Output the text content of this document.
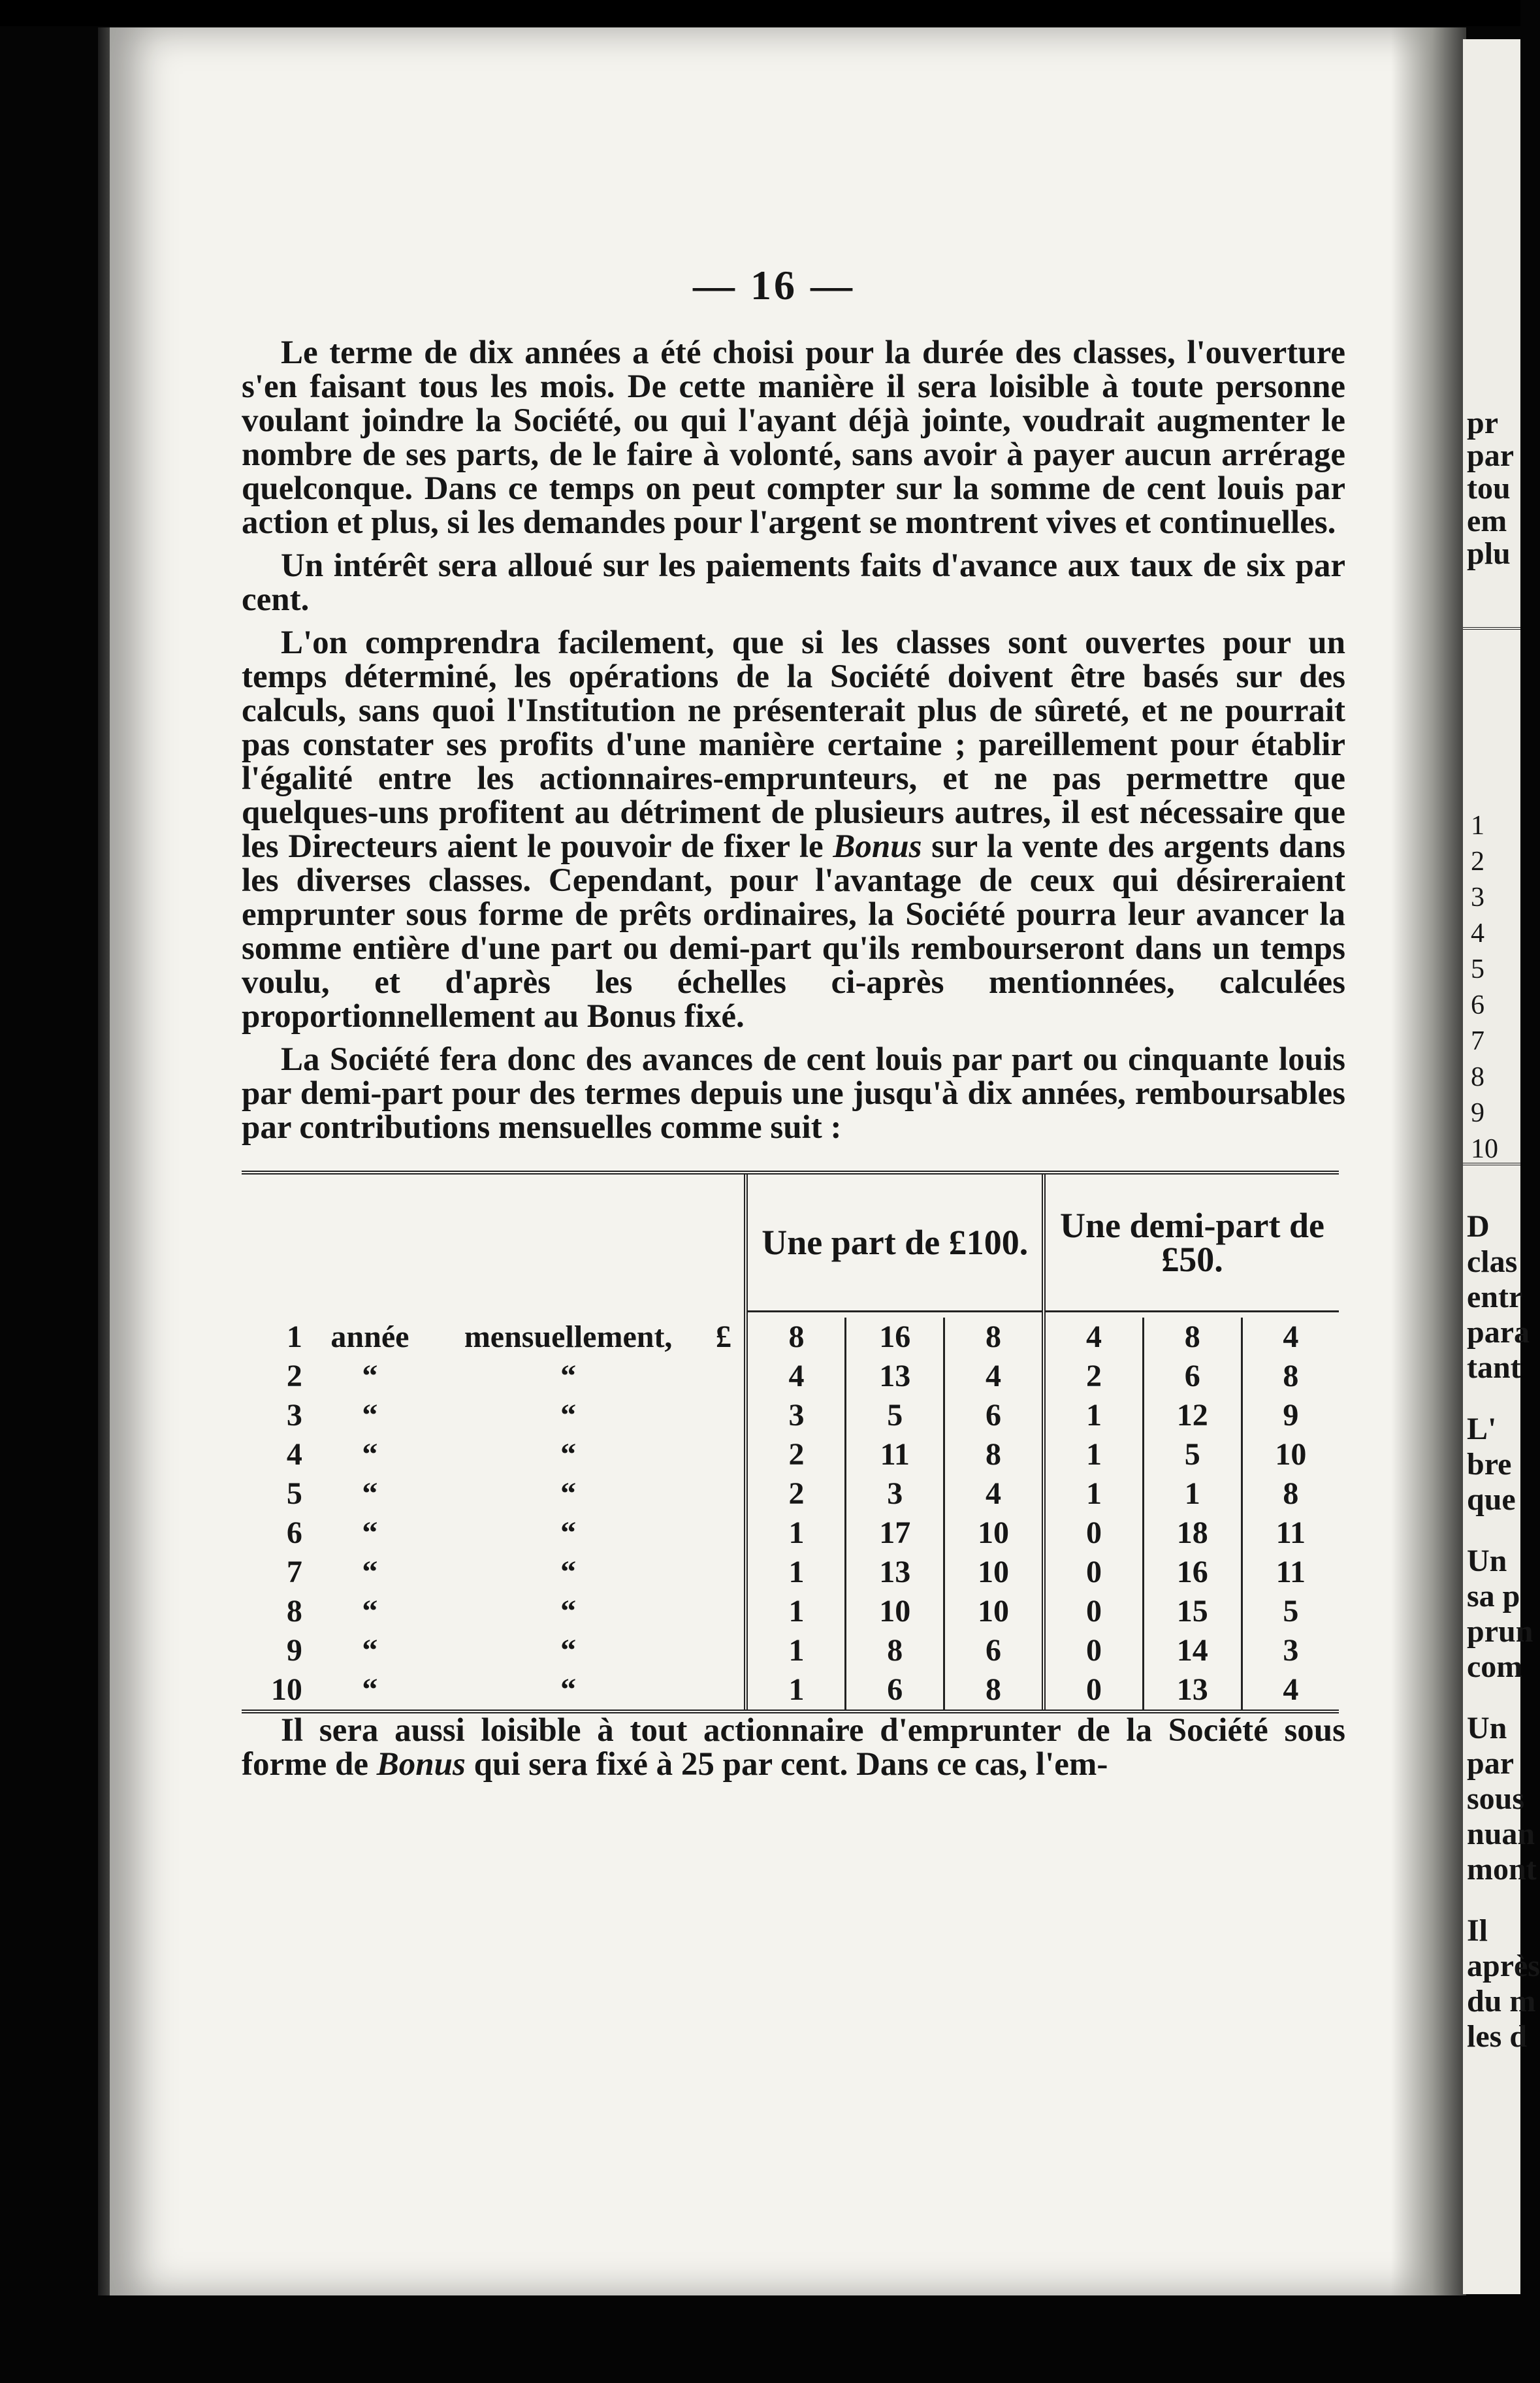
pr
par
tou
em
plu
1
2
3
4
5
6
7
8
9
10
D
clas
entr
para
tant
L'
bre
que
Un
sa p
prun
com
Un
par
sous
nuan
mont
Il
après
du m
les d
— 16 —

Le terme de dix années a été choisi pour la durée des classes, l'ouverture s'en faisant tous les mois. De cette manière il sera loisible à toute personne voulant joindre la Société, ou qui l'ayant déjà jointe, voudrait augmenter le nombre de ses parts, de le faire à volonté, sans avoir à payer aucun arrérage quelconque. Dans ce temps on peut compter sur la somme de cent louis par action et plus, si les demandes pour l'argent se montrent vives et continuelles.

Un intérêt sera alloué sur les paiements faits d'avance aux taux de six par cent.

L'on comprendra facilement, que si les classes sont ouvertes pour un temps déterminé, les opérations de la Société doivent être basés sur des calculs, sans quoi l'Institution ne présenterait plus de sûreté, et ne pourrait pas constater ses profits d'une manière certaine ; pareillement pour établir l'égalité entre les actionnaires-emprunteurs, et ne pas permettre que quelques-uns profitent au détriment de plusieurs autres, il est nécessaire que les Directeurs aient le pouvoir de fixer le Bonus sur la vente des argents dans les diverses classes. Cependant, pour l'avantage de ceux qui désireraient emprunter sous forme de prêts ordinaires, la Société pourra leur avancer la somme entière d'une part ou demi-part qu'ils rembourseront dans un temps voulu, et d'après les échelles ci-après mentionnées, calculées proportionnellement au Bonus fixé.

La Société fera donc des avances de cent louis par part ou cinquante louis par demi-part pour des termes depuis une jusqu'à dix années, remboursables par contributions mensuelles comme suit :

				Une part de £100.			Une demi-part de £50.		

1	année	mensuellement,	£	8	16	8	4	8	4
2	“	“		4	13	4	2	6	8
3	“	“		3	5	6	1	12	9
4	“	“		2	11	8	1	5	10
5	“	“		2	3	4	1	1	8
6	“	“		1	17	10	0	18	11
7	“	“		1	13	10	0	16	11
8	“	“		1	10	10	0	15	5
9	“	“		1	8	6	0	14	3
10	“	“		1	6	8	0	13	4

Il sera aussi loisible à tout actionnaire d'emprunter de la Société sous forme de Bonus qui sera fixé à 25 par cent. Dans ce cas, l'em-
